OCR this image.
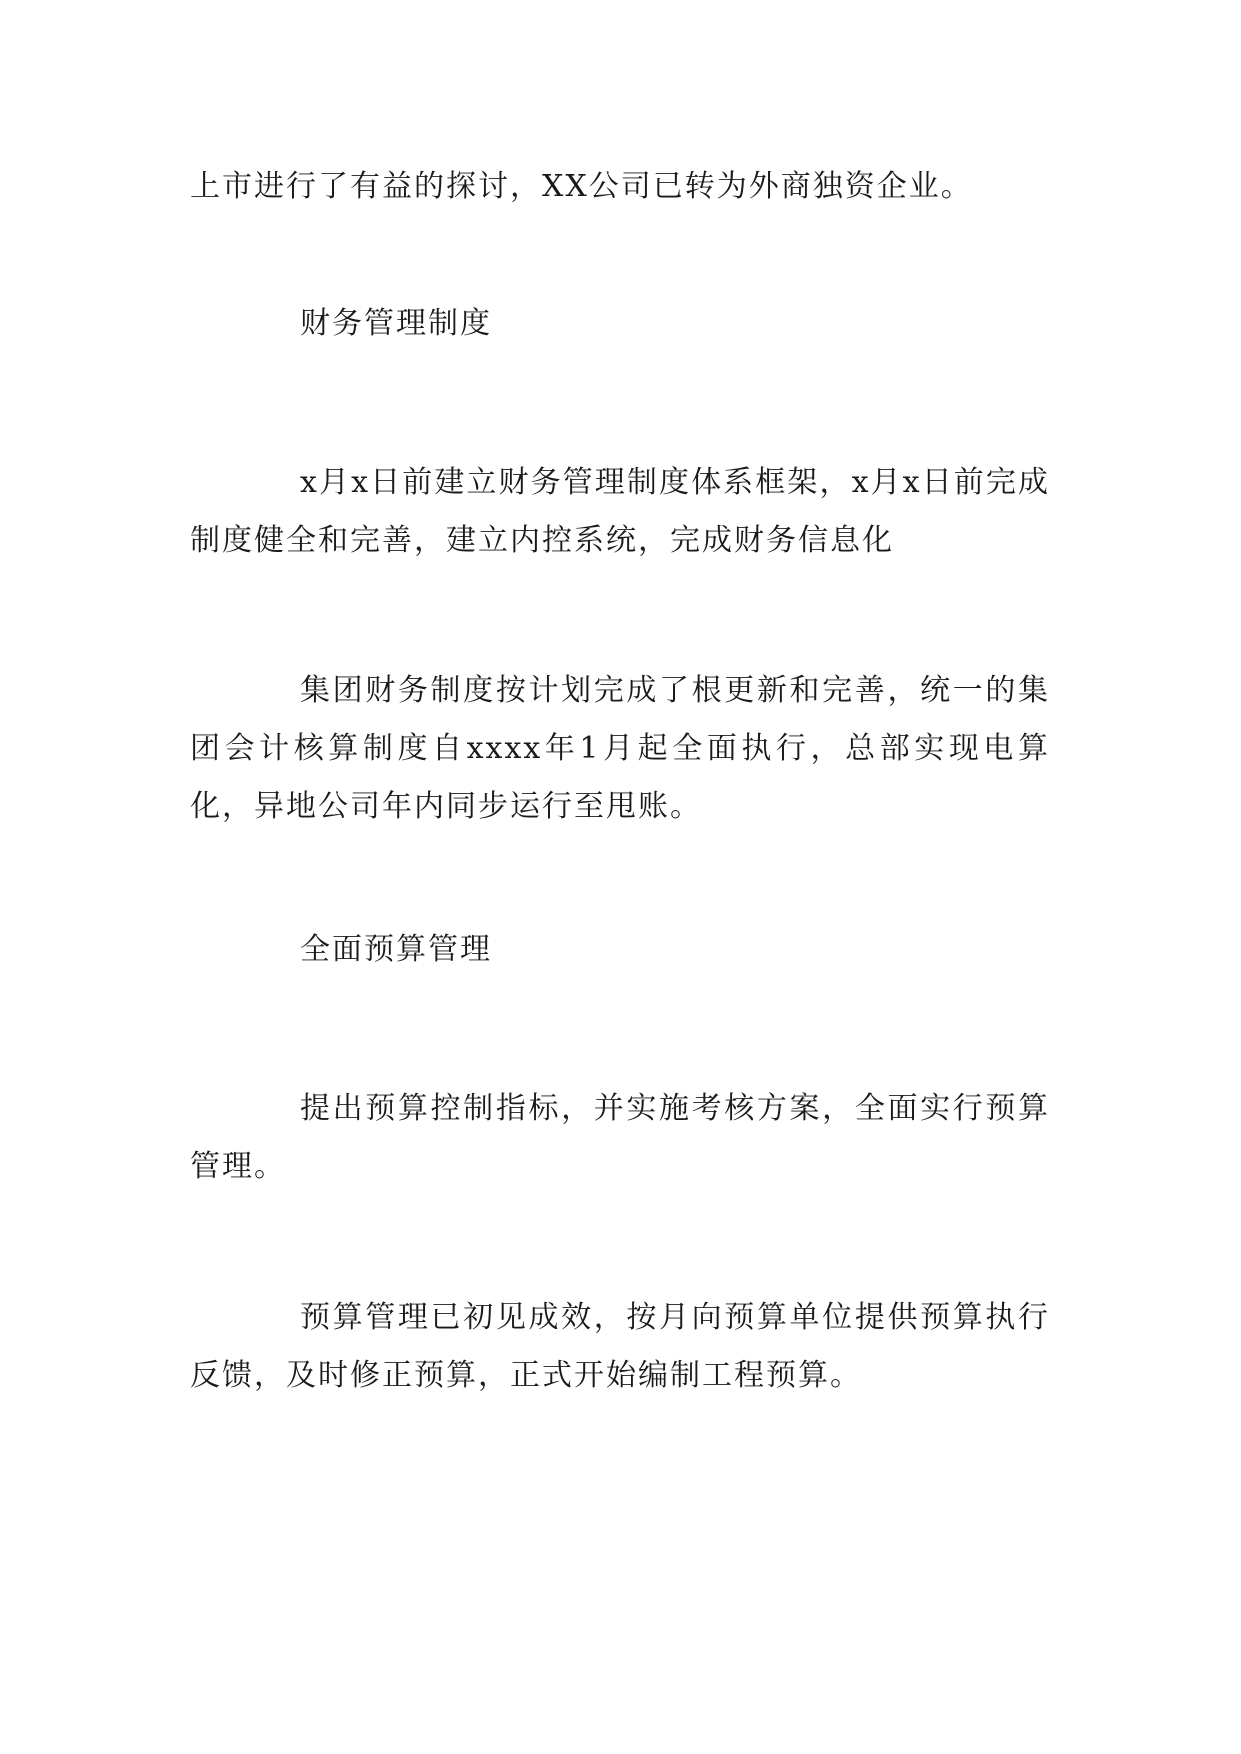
上市进行了有益的探讨，XX公司已转为外商独资企业。

财务管理制度

x月x日前建立财务管理制度体系框架，x月x日前完成制度健全和完善，建立内控系统，完成财务信息化

集团财务制度按计划完成了根更新和完善，统一的集团会计核算制度自xxxx年1月起全面执行，总部实现电算化，异地公司年内同步运行至甩账。

全面预算管理

提出预算控制指标，并实施考核方案，全面实行预算管理。

预算管理已初见成效，按月向预算单位提供预算执行反馈，及时修正预算，正式开始编制工程预算。
